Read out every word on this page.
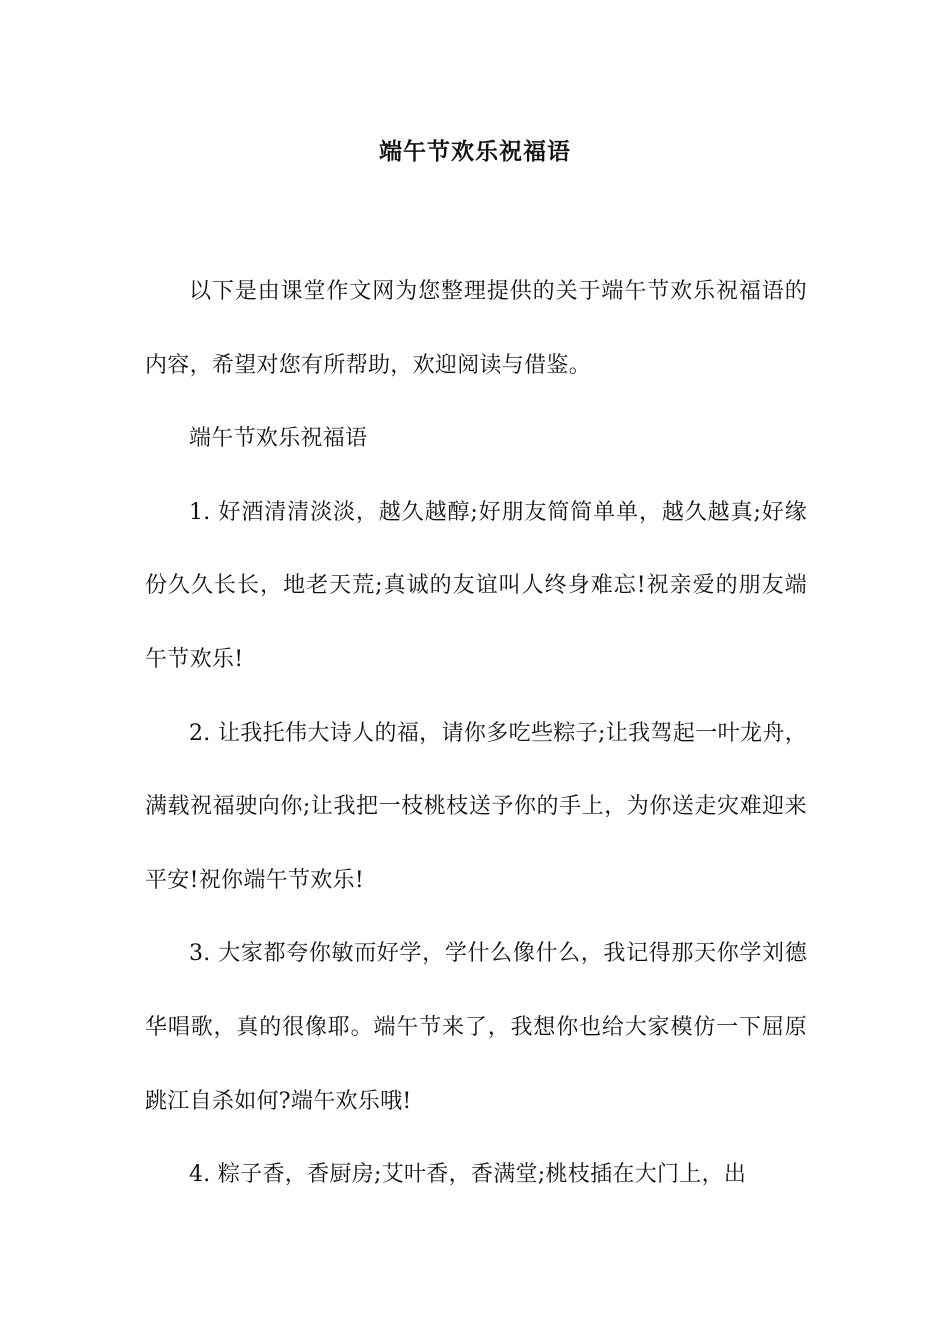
端午节欢乐祝福语

以下是由课堂作文网为您整理提供的关于端午节欢乐祝福语的内容，希望对您有所帮助，欢迎阅读与借鉴。

端午节欢乐祝福语

1. 好酒清清淡淡，越久越醇;好朋友简简单单，越久越真;好缘份久久长长，地老天荒;真诚的友谊叫人终身难忘!祝亲爱的朋友端午节欢乐!

2. 让我托伟大诗人的福，请你多吃些粽子;让我驾起一叶龙舟，满载祝福驶向你;让我把一枝桃枝送予你的手上，为你送走灾难迎来平安!祝你端午节欢乐!

3. 大家都夸你敏而好学，学什么像什么，我记得那天你学刘德华唱歌，真的很像耶。端午节来了，我想你也给大家模仿一下屈原跳江自杀如何?端午欢乐哦!

4. 粽子香，香厨房;艾叶香，香满堂;桃枝插在大门上，出
